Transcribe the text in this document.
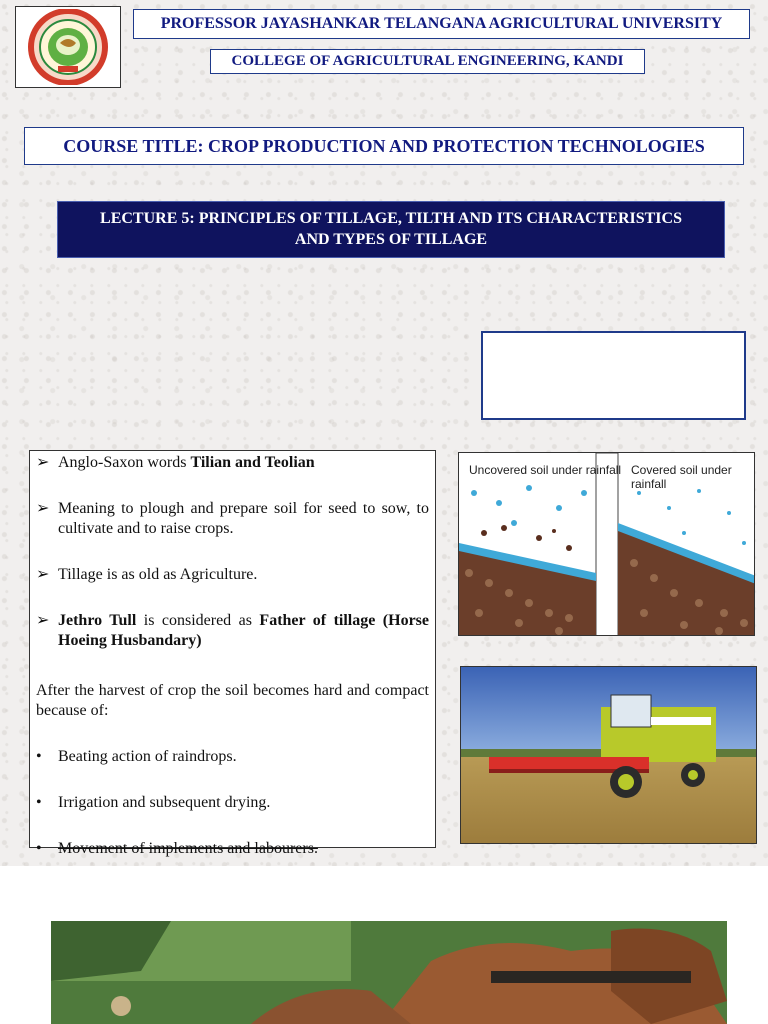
PROFESSOR JAYASHANKAR TELANGANA AGRICULTURAL UNIVERSITY
COLLEGE OF AGRICULTURAL ENGINEERING, KANDI
COURSE TITLE: CROP PRODUCTION AND PROTECTION TECHNOLOGIES
LECTURE 5: PRINCIPLES OF TILLAGE, TILTH AND ITS CHARACTERISTICS
AND TYPES OF TILLAGE
➢ Anglo-Saxon words Tilian and Teolian
➢ Meaning to plough and prepare soil for seed to sow, to cultivate and to raise crops.
➢ Tillage is as old as Agriculture.
➢ Jethro Tull is considered as Father of tillage (Horse Hoeing Husbandary)
After the harvest of crop the soil becomes hard and compact because of:
• Beating action of raindrops.
• Irrigation and subsequent drying.
• Movement of implements and labourers.
Uncovered soil under rainfall Covered soil under rainfall
